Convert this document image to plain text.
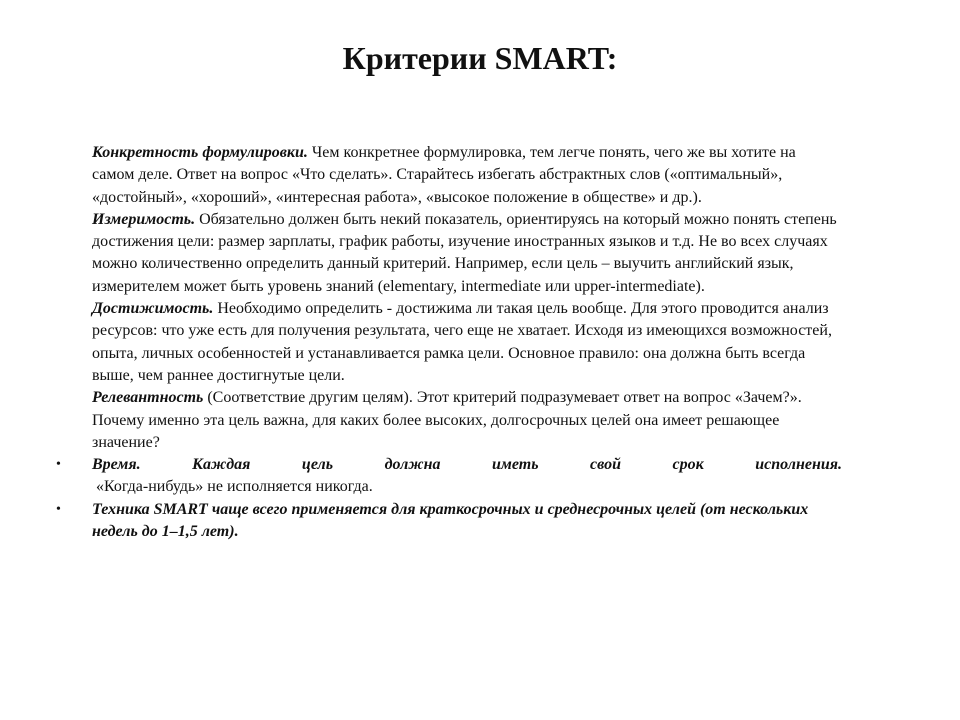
Критерии SMART:

Конкретность формулировки. Чем конкретнее формулировка, тем легче понять, чего же вы хотите на самом деле. Ответ на вопрос «Что сделать». Старайтесь избегать абстрактных слов («оптимальный», «достойный», «хороший», «интересная работа», «высокое положение в обществе» и др.).

Измеримость. Обязательно должен быть некий показатель, ориентируясь на который можно понять степень достижения цели: размер зарплаты, график работы, изучение иностранных языков и т.д. Не во всех случаях можно количественно определить данный критерий. Например, если цель – выучить английский язык, измерителем может быть уровень знаний (elementary, intermediate или upper-intermediate).

Достижимость. Необходимо определить - достижима ли такая цель вообще. Для этого проводится анализ ресурсов: что уже есть для получения результата, чего еще не хватает. Исходя из имеющихся возможностей, опыта, личных особенностей и устанавливается рамка цели. Основное правило: она должна быть всегда выше, чем раннее достигнутые цели.

Релевантность (Соответствие другим целям). Этот критерий подразумевает ответ на вопрос «Зачем?». Почему именно эта цель важна, для каких более высоких, долгосрочных целей она имеет решающее значение?

• Время. Каждая цель должна иметь свой срок исполнения.
«Когда-нибудь» не исполняется никогда.
• Техника SMART чаще всего применяется для краткосрочных и среднесрочных целей (от нескольких недель до 1–1,5 лет).
